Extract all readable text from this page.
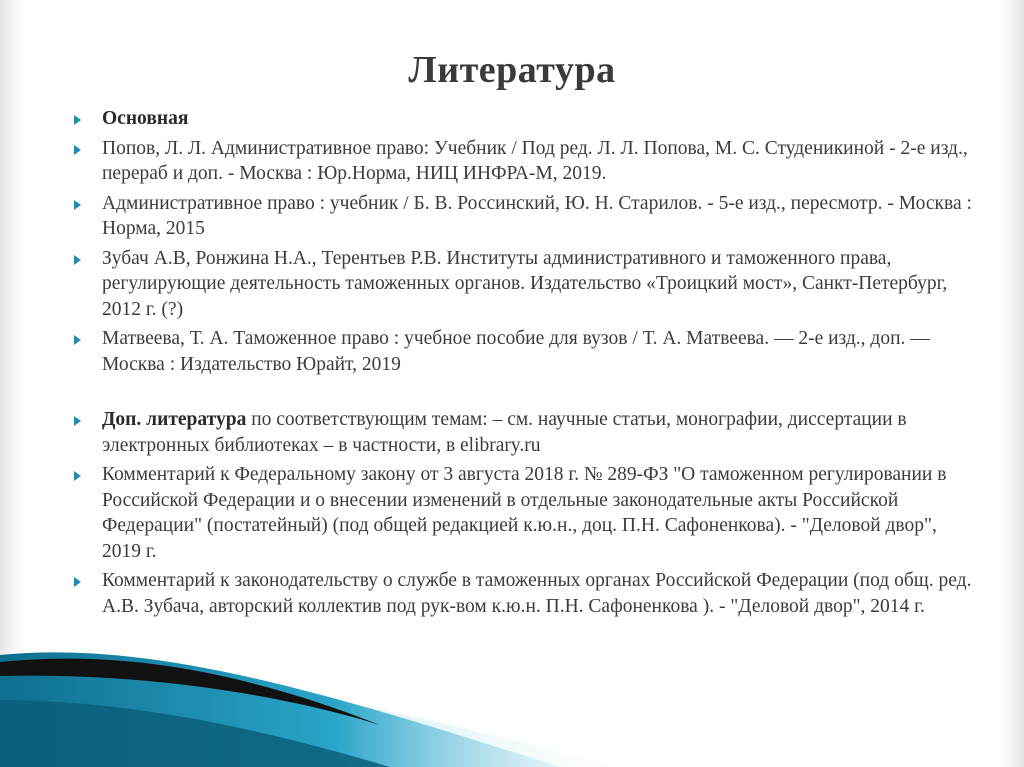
Литература
Основная
Попов, Л. Л. Административное право: Учебник / Под ред. Л. Л. Попова, М. С. Студеникиной - 2-е изд., перераб и доп. - Москва : Юр.Норма, НИЦ ИНФРА-М, 2019.
Административное право : учебник / Б. В. Россинский, Ю. Н. Старилов. - 5-е изд., пересмотр. - Москва : Норма, 2015
Зубач А.В, Ронжина Н.А., Терентьев Р.В. Институты административного и таможенного права, регулирующие деятельность таможенных органов. Издательство «Троицкий мост», Санкт-Петербург, 2012 г. (?)
Матвеева, Т. А. Таможенное право : учебное пособие для вузов / Т. А. Матвеева. — 2-е изд., доп. — Москва : Издательство Юрайт, 2019
Доп. литература по соответствующим темам: – см. научные статьи, монографии, диссертации в электронных библиотеках – в частности, в elibrary.ru
Комментарий к Федеральному закону от 3 августа 2018 г. № 289-ФЗ "О таможенном регулировании в Российской Федерации и о внесении изменений в отдельные законодательные акты Российской Федерации" (постатейный) (под общей редакцией к.ю.н., доц. П.Н. Сафоненкова). - "Деловой двор", 2019 г.
Комментарий к законодательству о службе в таможенных органах Российской Федерации (под общ. ред. А.В. Зубача, авторский коллектив под рук-вом к.ю.н. П.Н. Сафоненкова ). - "Деловой двор", 2014 г.
